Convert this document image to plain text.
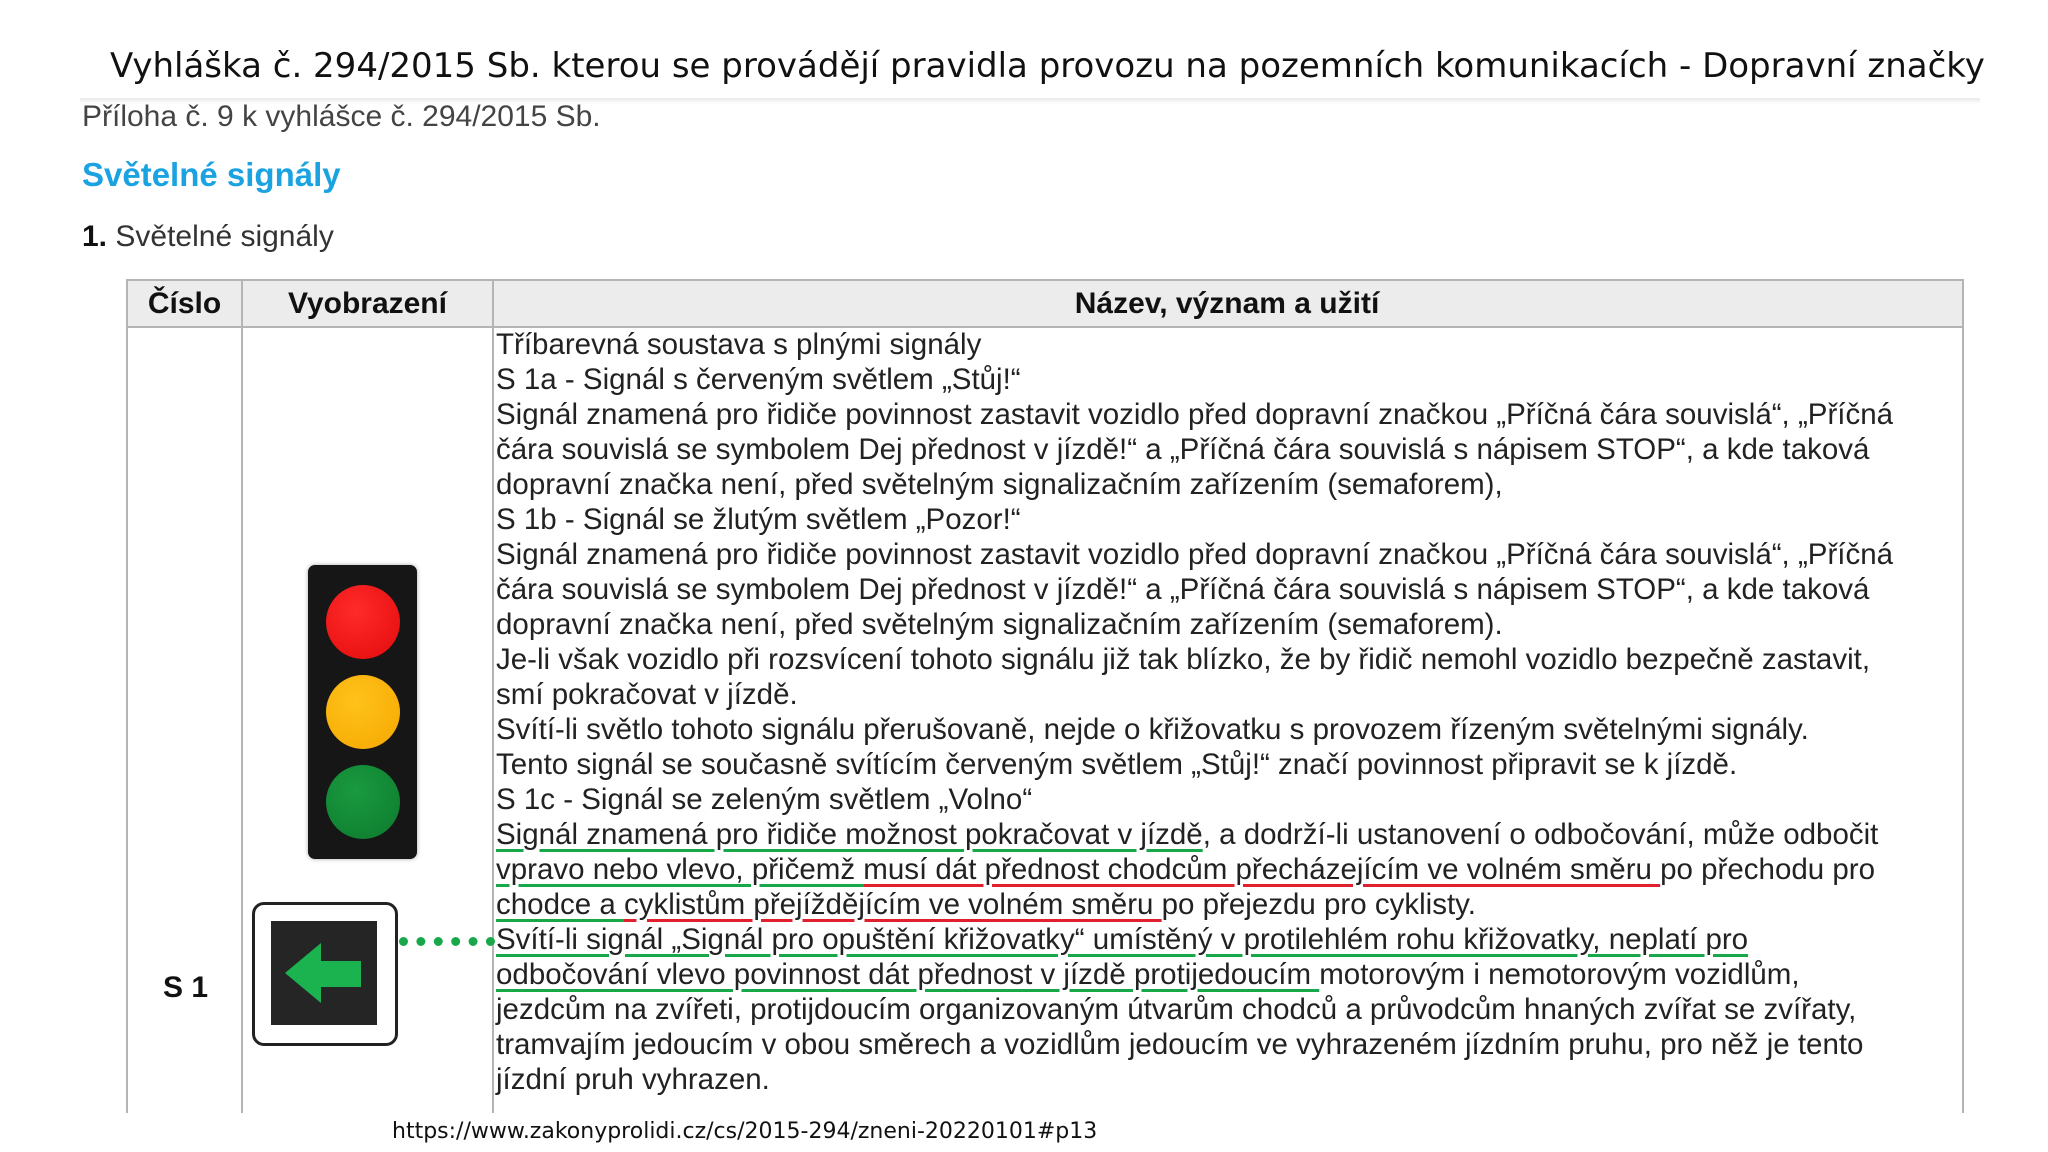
Vyhláška č. 294/2015 Sb. kterou se provádějí pravidla provozu na pozemních komunikacích - Dopravní značky
Příloha č. 9 k vyhlášce č. 294/2015 Sb.
Světelné signály
1. Světelné signály
Číslo	Vyobrazení	Název, význam a užití
S 1
Tříbarevná soustava s plnými signály
S 1a - Signál s červeným světlem „Stůj!“
Signál znamená pro řidiče povinnost zastavit vozidlo před dopravní značkou „Příčná čára souvislá“, „Příčná
čára souvislá se symbolem Dej přednost v jízdě!“ a „Příčná čára souvislá s nápisem STOP“, a kde taková
dopravní značka není, před světelným signalizačním zařízením (semaforem),
S 1b - Signál se žlutým světlem „Pozor!“
Signál znamená pro řidiče povinnost zastavit vozidlo před dopravní značkou „Příčná čára souvislá“, „Příčná
čára souvislá se symbolem Dej přednost v jízdě!“ a „Příčná čára souvislá s nápisem STOP“, a kde taková
dopravní značka není, před světelným signalizačním zařízením (semaforem).
Je-li však vozidlo při rozsvícení tohoto signálu již tak blízko, že by řidič nemohl vozidlo bezpečně zastavit,
smí pokračovat v jízdě.
Svítí-li světlo tohoto signálu přerušovaně, nejde o křižovatku s provozem řízeným světelnými signály.
Tento signál se současně svítícím červeným světlem „Stůj!“ značí povinnost připravit se k jízdě.
S 1c - Signál se zeleným světlem „Volno“
Signál znamená pro řidiče možnost pokračovat v jízdě, a dodrží-li ustanovení o odbočování, může odbočit
vpravo nebo vlevo, přičemž musí dát přednost chodcům přecházejícím ve volném směru po přechodu pro
chodce a cyklistům přejíždějícím ve volném směru po přejezdu pro cyklisty.
Svítí-li signál „Signál pro opuštění křižovatky“ umístěný v protilehlém rohu křižovatky, neplatí pro
odbočování vlevo povinnost dát přednost v jízdě protijedoucím motorovým i nemotorovým vozidlům,
jezdcům na zvířeti, protijdoucím organizovaným útvarům chodců a průvodcům hnaných zvířat se zvířaty,
tramvajím jedoucím v obou směrech a vozidlům jedoucím ve vyhrazeném jízdním pruhu, pro něž je tento
jízdní pruh vyhrazen.
https://www.zakonyprolidi.cz/cs/2015-294/zneni-20220101#p13
